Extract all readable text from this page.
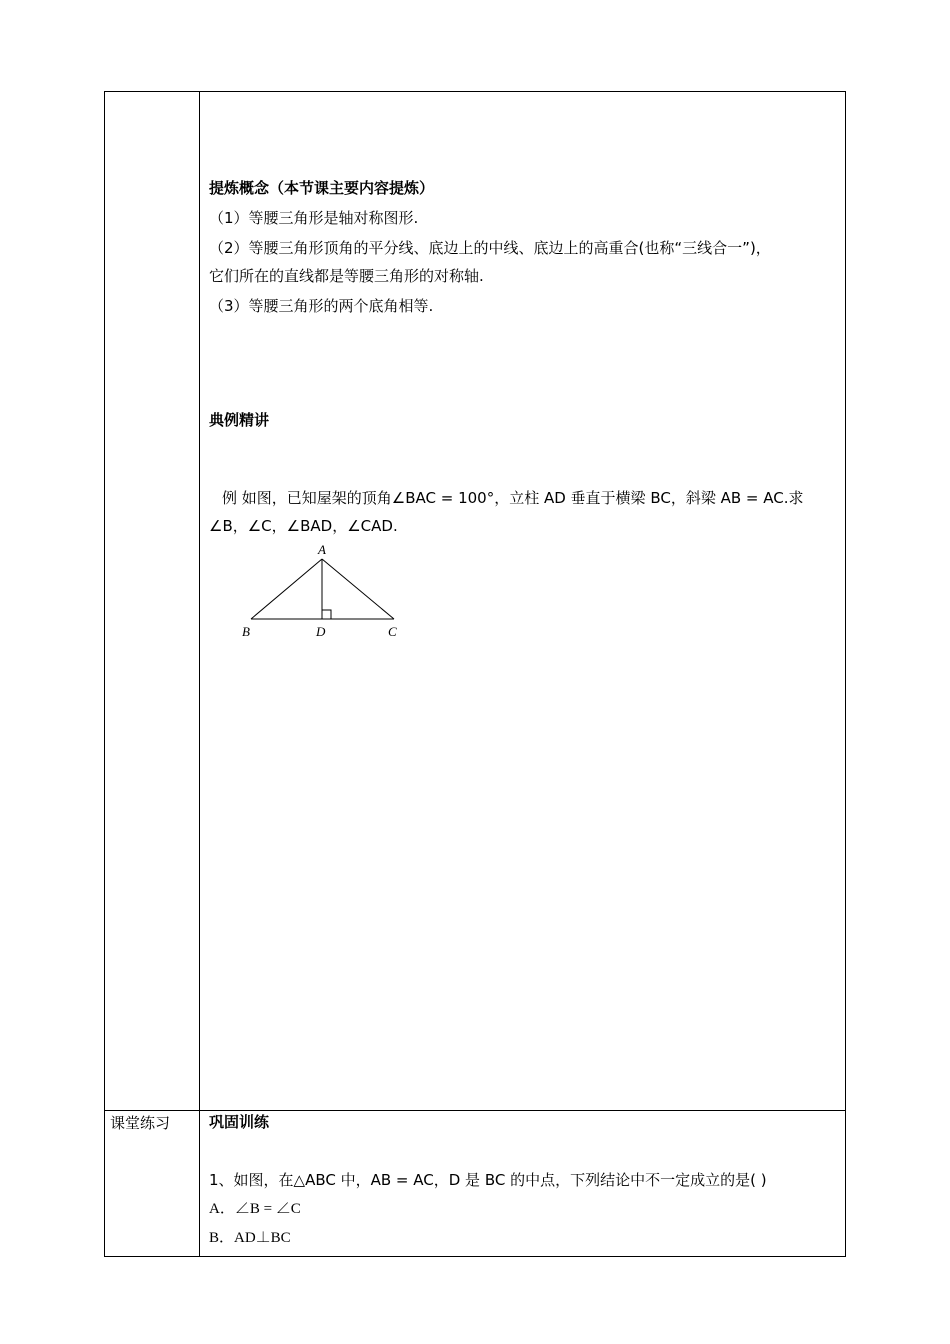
提炼概念（本节课主要内容提炼）
（1）等腰三角形是轴对称图形.
（2）等腰三角形顶角的平分线、底边上的中线、底边上的高重合(也称“三线合一”)，
它们所在的直线都是等腰三角形的对称轴.
（3）等腰三角形的两个底角相等.
典例精讲
例 如图，已知屋架的顶角∠BAC = 100°，立柱 AD 垂直于横梁 BC，斜梁 AB = AC.求
∠B，∠C，∠BAD，∠CAD.
A
B	D	C
课堂练习	巩固训练
1、如图，在△ABC 中，AB = AC，D 是 BC 的中点，下列结论中不一定成立的是( )
A．∠B = ∠C
B．AD⊥BC
